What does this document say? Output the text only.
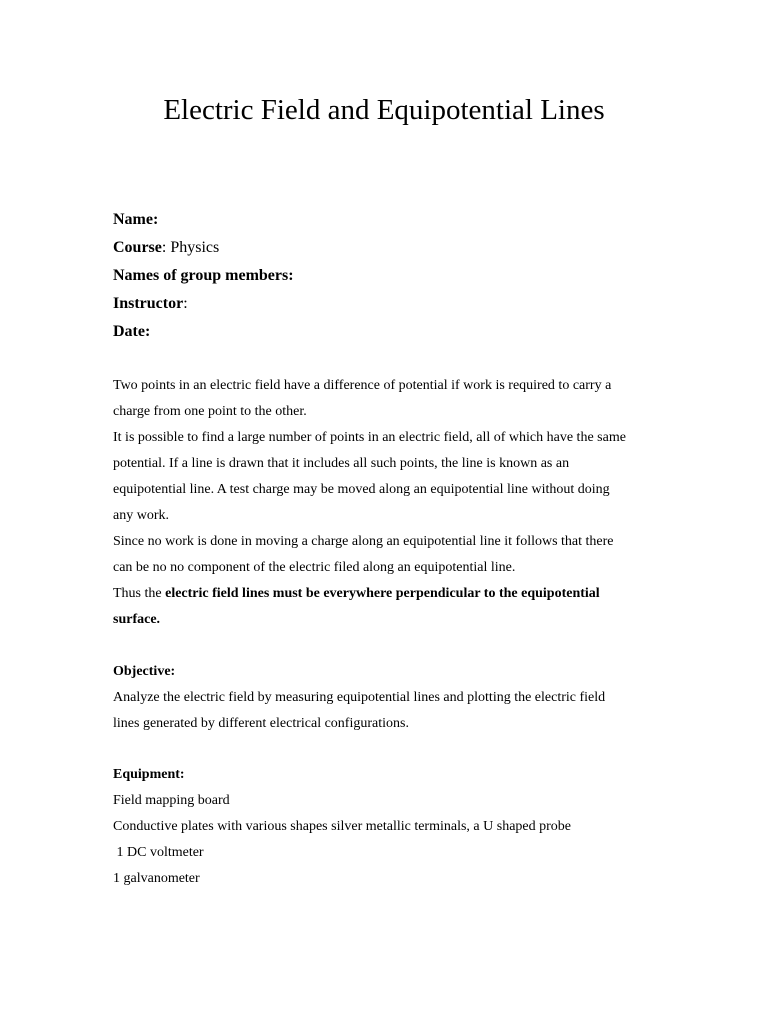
Electric Field and Equipotential Lines
Name:
Course: Physics
Names of group members:
Instructor:
Date:
Two points in an electric field have a difference of potential if work is required to carry a
charge from one point to the other.
It is possible to find a large number of points in an electric field, all of which have the same
potential. If a line is drawn that it includes all such points, the line is known as an
equipotential line. A test charge may be moved along an equipotential line without doing
any work.
Since no work is done in moving a charge along an equipotential line it follows that there
can be no no component of the electric filed along an equipotential line.
Thus the electric field lines must be everywhere perpendicular to the equipotential
surface.
Objective:
Analyze the electric field by measuring equipotential lines and plotting the electric field
lines generated by different electrical configurations.
Equipment:
Field mapping board
Conductive plates with various shapes silver metallic terminals, a U shaped probe
1 DC voltmeter
1 galvanometer
